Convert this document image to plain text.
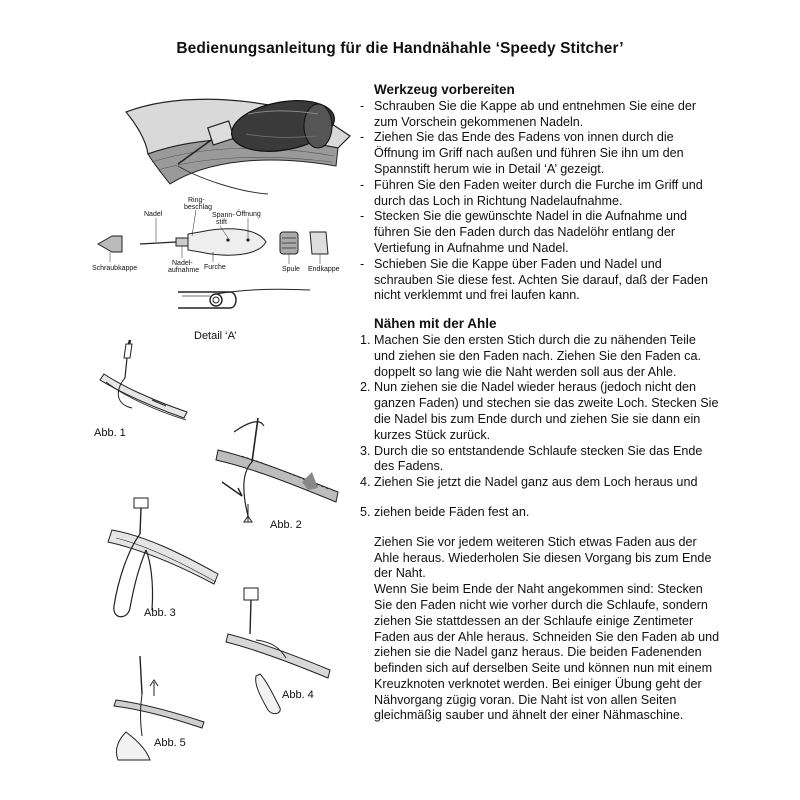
Bedienungsanleitung für die Handnähahle ‘Speedy Stitcher’
Werkzeug vorbereiten
- Schrauben Sie die Kappe ab und entnehmen Sie eine der zum Vorschein gekommenen Nadeln.
- Ziehen Sie das Ende des Fadens von innen durch die Öffnung im Griff nach außen und führen Sie ihn um den Spannstift herum wie in Detail ‘A’ gezeigt.
- Führen Sie den Faden weiter durch die Furche im Griff und durch das Loch in Richtung Nadelaufnahme.
- Stecken Sie die gewünschte Nadel in die Aufnahme und führen Sie den Faden durch das Nadelöhr entlang der Vertiefung in Aufnahme und Nadel.
- Schieben Sie die Kappe über Faden und Nadel und schrauben Sie diese fest. Achten Sie darauf, daß der Faden nicht verklemmt und frei laufen kann.
Nähen mit der Ahle
1. Machen Sie den ersten Stich durch die zu nähenden Teile und ziehen sie den Faden nach. Ziehen Sie den Faden ca. doppelt so lang wie die Naht werden soll aus der Ahle.
2. Nun ziehen sie die Nadel wieder heraus (jedoch nicht den ganzen Faden) und stechen sie das zweite Loch. Stecken Sie die Nadel bis zum Ende durch und ziehen Sie sie dann ein kurzes Stück zurück.
3. Durch die so entstandende Schlaufe stecken Sie das Ende des Fadens.
4. Ziehen Sie jetzt die Nadel ganz aus dem Loch heraus und
5. ziehen beide Fäden fest an.
Ziehen Sie vor jedem weiteren Stich etwas Faden aus der Ahle heraus. Wiederholen Sie diesen Vorgang bis zum Ende der Naht.
Wenn Sie beim Ende der Naht angekommen sind: Stecken Sie den Faden nicht wie vorher durch die Schlaufe, sondern ziehen Sie stattdessen an der Schlaufe einige Zentimeter Faden aus der Ahle heraus. Schneiden Sie den Faden ab und ziehen sie die Nadel ganz heraus. Die beiden Fadenenden befinden sich auf derselben Seite und können nun mit einem Kreuzknoten verknotet werden. Bei einiger Übung geht der Nähvorgang zügig voran. Die Naht ist von allen Seiten gleichmäßig sauber und ähnelt der einer Nähmaschine.
Nadel
Ring-
beschlag
Spann-
stift
Öffnung
Schraubkappe
Nadel-
aufnahme Furche	Spule Endkappe
Detail ‘A’
Abb. 1
Abb. 2
Abb. 3
Abb. 4
Abb. 5
